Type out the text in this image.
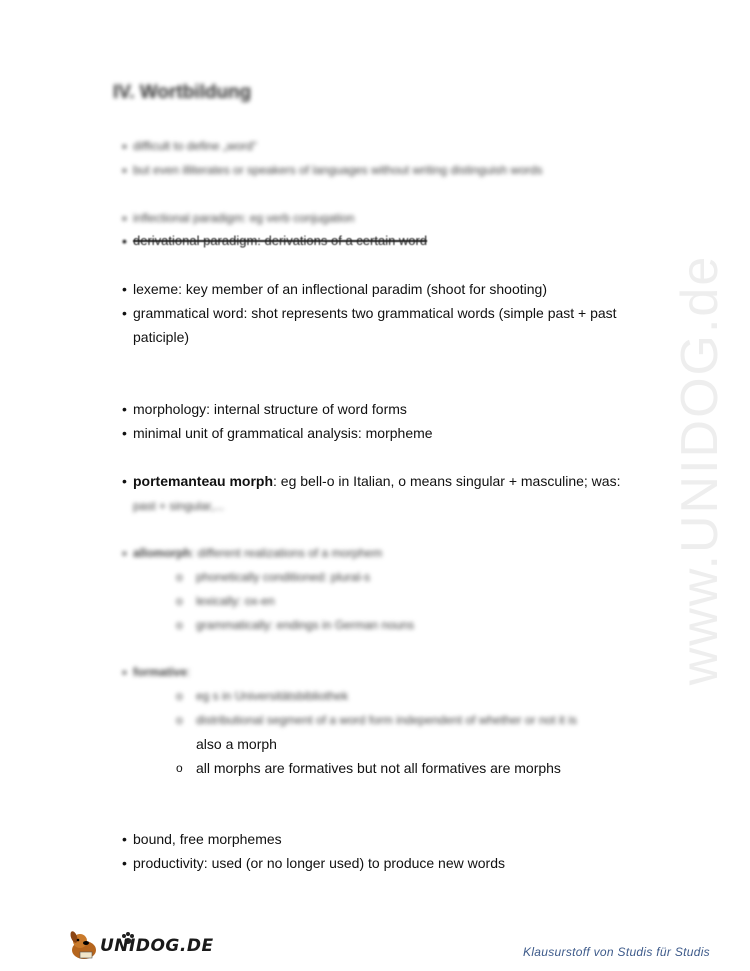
www.UNIDOG.de
IV. Wortbildung
• difficult to define „word“
• but even illiterates or speakers of languages without writing distinguish words
• inflectional paradigm: eg verb conjugation
• derivational paradigm: derivations of a certain word
• lexeme: key member of an inflectional paradim (shoot for shooting)
• grammatical word: shot represents two grammatical words (simple past + past
paticiple)
• morphology: internal structure of word forms
• minimal unit of grammatical analysis: morpheme
• portemanteau morph: eg bell-o in Italian, o means singular + masculine; was:
past + singular,...
• allomorph: different realizations of a morphem
o phonetically conditioned: plural-s
o lexically: ox-en
o grammatically: endings in German nouns
• formative:
o eg s in Universitätsbibliothek
o distributional segment of a word form independent of whether or not it is
also a morph
o all morphs are formatives but not all formatives are morphs
• bound, free morphemes
• productivity: used (or no longer used) to produce new words
UNIDOG.DE	Klausurstoff von Studis für Studis
